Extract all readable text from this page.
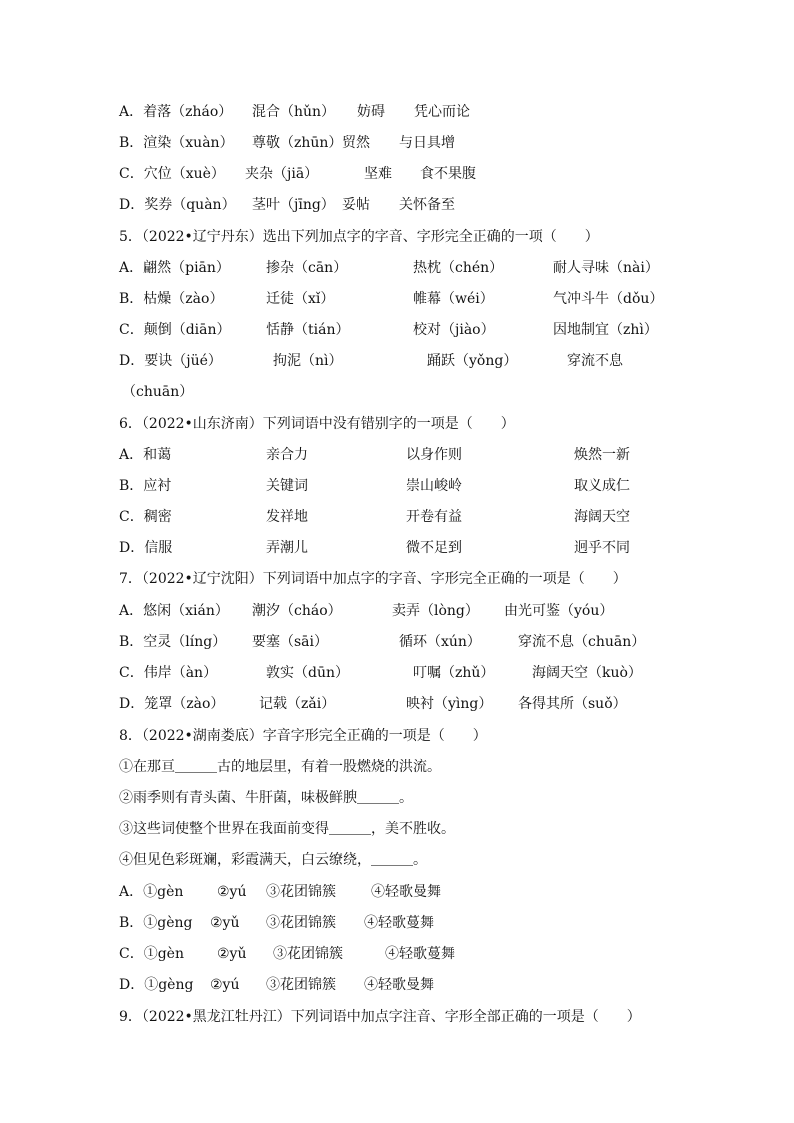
A．着落（zháo） 混合（hǔn） 妨碍 凭心而论
B．渲染（xuàn） 尊敬（zhūn） 贸然 与日具增
C．穴位（xuè） 夹杂（jiā）	坚难 食不果腹
D．奖券（quàn） 茎叶（jīng） 妥帖 关怀备至
5．（2022•辽宁丹东）选出下列加点字的字音、字形完全正确的一项（　　）
A．翩然（piān）	掺杂（cān）	热枕（chén）	耐人寻味（nài）
B．枯燥（zào）	迁徒（xǐ）	帷幕（wéi）	气冲斗牛（dǒu）
C．颠倒（diān）	恬静（tián）	校对（jiào）	因地制宜（zhì）
D．要诀（jüé）	拘泥（nì）	踊跃（yǒng）	穿流不息
（chuān）
6．（2022•山东济南）下列词语中没有错别字的一项是（　　）
A．和蔼	亲合力	以身作则	焕然一新
B．应衬	关键词	崇山峻岭	取义成仁
C．稠密	发祥地	开卷有益	海阔天空
D．信服	弄潮儿	微不足到	迥乎不同
7．（2022•辽宁沈阳）下列词语中加点字的字音、字形完全正确的一项是（　　）
A．悠闲（xián） 潮汐（cháo）	卖弄（lòng） 由光可鉴（yóu）
B．空灵（líng） 要塞（sāi）	循环（xún）	穿流不息（chuān）
C．伟岸（àn）	敦实（dūn）	叮嘱（zhǔ）	海阔天空（kuò）
D．笼罩（zào） 记载（zǎi）	映衬（yìng） 各得其所（suǒ）
8．（2022•湖南娄底）字音字形完全正确的一项是（　　）
①在那亘＿＿＿古的地层里，有着一股燃烧的洪流。
②雨季则有青头菌、牛肝菌，味极鲜腴＿＿＿。
③这些词使整个世界在我面前变得＿＿＿，美不胜收。
④但见色彩斑斓，彩霞满天，白云缭绕，＿＿＿。
A．①gèn ②yú ③花团锦簇	④轻歌曼舞
B．①gèng ②yǔ ③花团锦簇 ④轻歌蔓舞
C．①gèn ②yǔ ③花团锦簇	④轻歌蔓舞
D．①gèng ②yú ③花团锦簇 ④轻歌曼舞
9．（2022•黑龙江牡丹江）下列词语中加点字注音、字形全部正确的一项是（　　）
